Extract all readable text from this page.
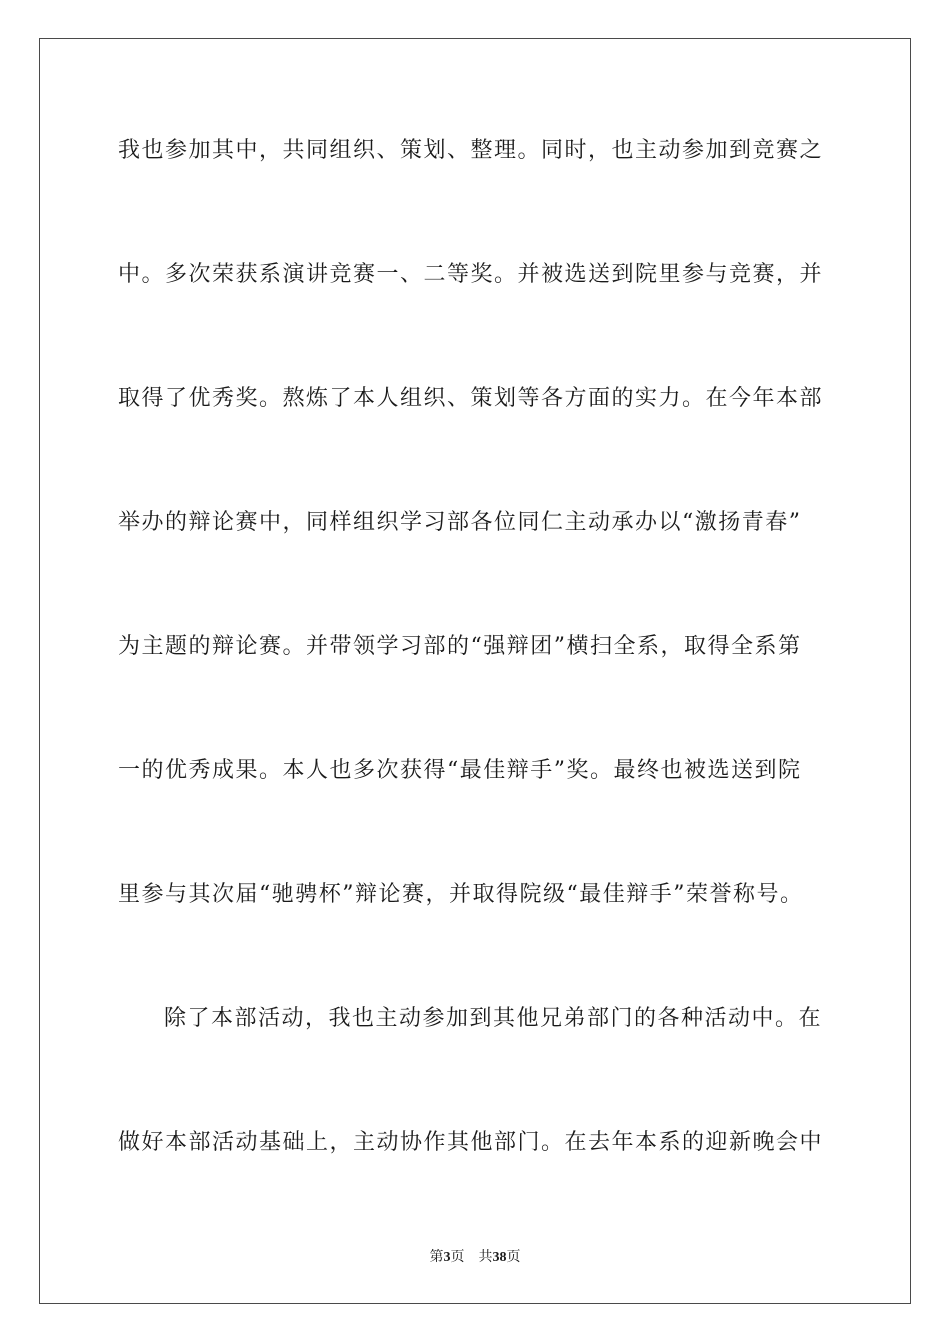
我也参加其中，共同组织、策划、整理。同时，也主动参加到竞赛之
中。多次荣获系演讲竞赛一、二等奖。并被选送到院里参与竞赛，并
取得了优秀奖。熬炼了本人组织、策划等各方面的实力。在今年本部
举办的辩论赛中，同样组织学习部各位同仁主动承办以“激扬青春”
为主题的辩论赛。并带领学习部的“强辩团”横扫全系，取得全系第
一的优秀成果。本人也多次获得“最佳辩手”奖。最终也被选送到院
里参与其次届“驰骋杯”辩论赛，并取得院级“最佳辩手”荣誉称号。
除了本部活动，我也主动参加到其他兄弟部门的各种活动中。在
做好本部活动基础上，主动协作其他部门。在去年本系的迎新晚会中
第3页 共38页
